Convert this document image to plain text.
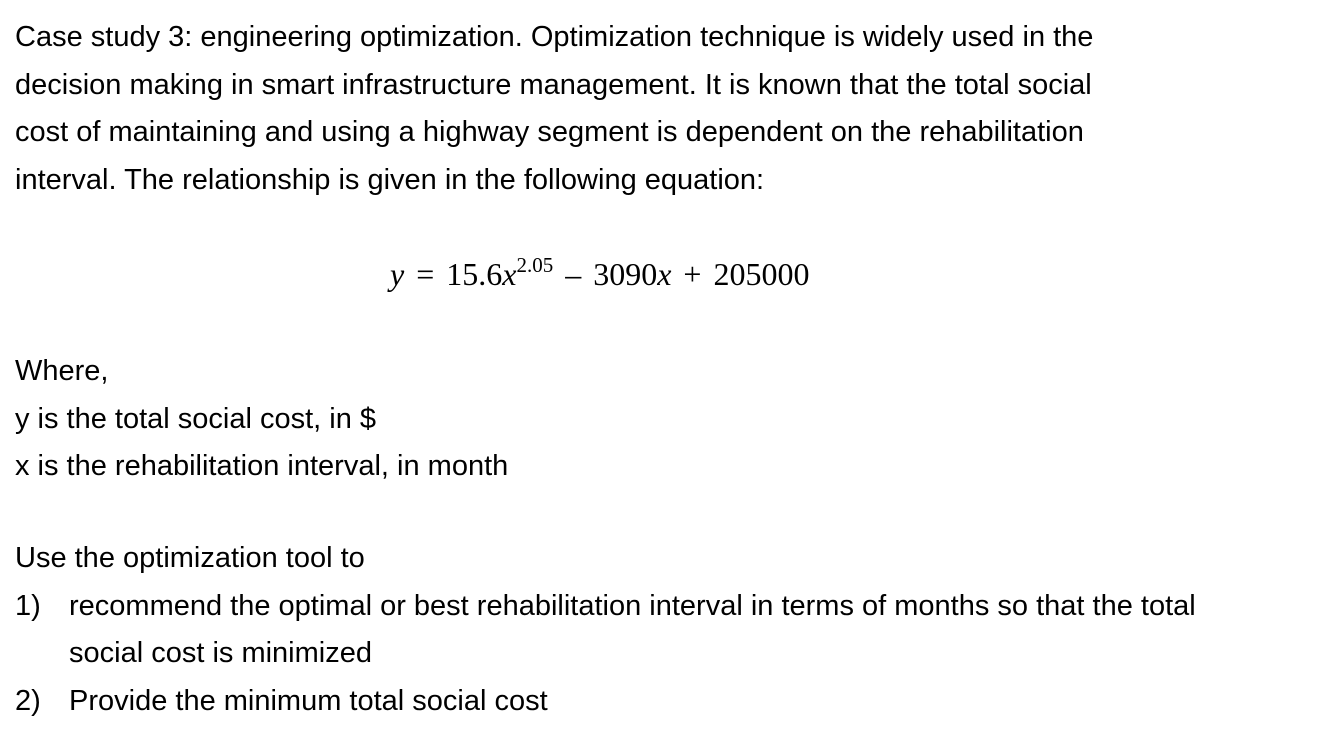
Case study 3: engineering optimization. Optimization technique is widely used in the

decision making in smart infrastructure management. It is known that the total social

cost of maintaining and using a highway segment is dependent on the rehabilitation

interval. The relationship is given in the following equation:

$y = 15.6x^{2.05} - 3090x + 205000$

Where,

y is the total social cost, in $

x is the rehabilitation interval, in month

Use the optimization tool to

1) recommend the optimal or best rehabilitation interval in terms of months so that the total social cost is minimized
2) Provide the minimum total social cost
